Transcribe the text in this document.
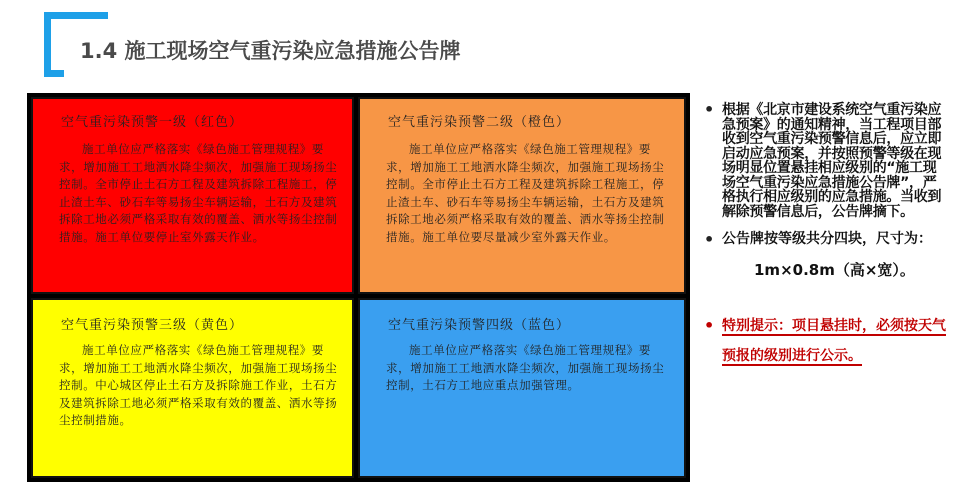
1.4 施工现场空气重污染应急措施公告牌
空气重污染预警一级（红色）
施工单位应严格落实《绿色施工管理规程》要求，增加施工工地洒水降尘频次，加强施工现场扬尘控制。全市停止土石方工程及建筑拆除工程施工，停止渣土车、砂石车等易扬尘车辆运输，土石方及建筑拆除工地必须严格采取有效的覆盖、洒水等扬尘控制措施。施工单位要停止室外露天作业。
空气重污染预警二级（橙色）
施工单位应严格落实《绿色施工管理规程》要求，增加施工工地洒水降尘频次，加强施工现场扬尘控制。全市停止土石方工程及建筑拆除工程施工，停止渣土车、砂石车等易扬尘车辆运输，土石方及建筑拆除工地必须严格采取有效的覆盖、洒水等扬尘控制措施。施工单位要尽量减少室外露天作业。
空气重污染预警三级（黄色）
施工单位应严格落实《绿色施工管理规程》要求，增加施工工地洒水降尘频次，加强施工现场扬尘控制。中心城区停止土石方及拆除施工作业，土石方及建筑拆除工地必须严格采取有效的覆盖、洒水等扬尘控制措施。
空气重污染预警四级（蓝色）
施工单位应严格落实《绿色施工管理规程》要求，增加施工工地洒水降尘频次，加强施工现场扬尘控制，土石方工地应重点加强管理。
• 根据《北京市建设系统空气重污染应急预案》的通知精神，当工程项目部收到空气重污染预警信息后，应立即启动应急预案，并按照预警等级在现场明显位置悬挂相应级别的“施工现场空气重污染应急措施公告牌”，严格执行相应级别的应急措施。当收到解除预警信息后，公告牌摘下。
• 公告牌按等级共分四块，尺寸为：
1m×0.8m（高×宽）。
• 特别提示：项目悬挂时，必须按天气预报的级别进行公示。
